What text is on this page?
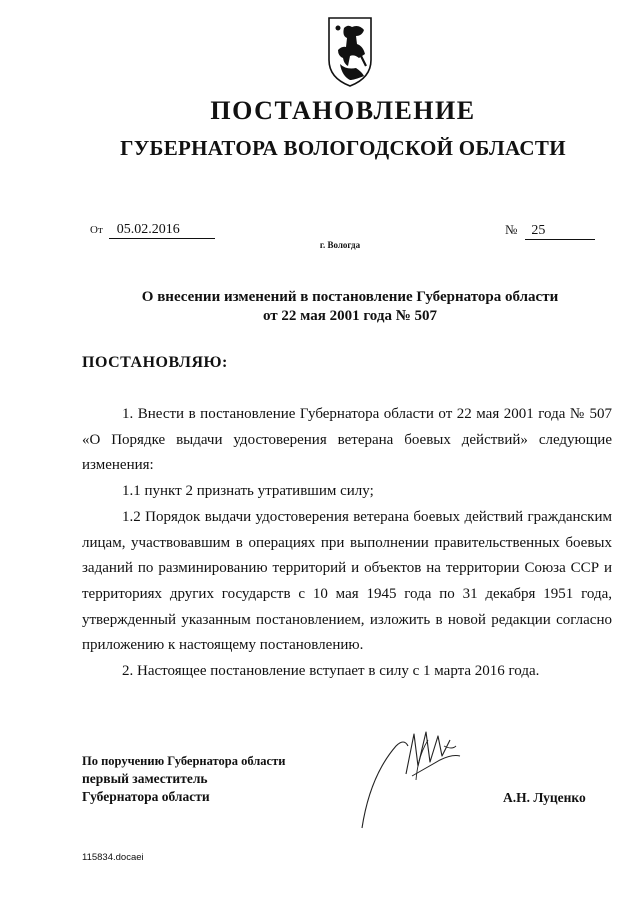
ПОСТАНОВЛЕНИЕ
ГУБЕРНАТОРА ВОЛОГОДСКОЙ ОБЛАСТИ
От 05.02.2016	№ 25
г. Вологда
О внесении изменений в постановление Губернатора области
от 22 мая 2001 года № 507
ПОСТАНОВЛЯЮ:

1. Внести в постановление Губернатора области от 22 мая 2001 года № 507 «О Порядке выдачи удостоверения ветерана боевых действий» следующие изменения:

1.1 пункт 2 признать утратившим силу;

1.2 Порядок выдачи удостоверения ветерана боевых действий гражданским лицам, участвовавшим в операциях при выполнении правительственных боевых заданий по разминированию территорий и объектов на территории Союза ССР и территориях других государств с 10 мая 1945 года по 31 декабря 1951 года, утвержденный указанным постановлением, изложить в новой редакции согласно приложению к настоящему постановлению.

2. Настоящее постановление вступает в силу с 1 марта 2016 года.

По поручению Губернатора области
первый заместитель
Губернатора области	А.Н. Луценко
115834.docaei
